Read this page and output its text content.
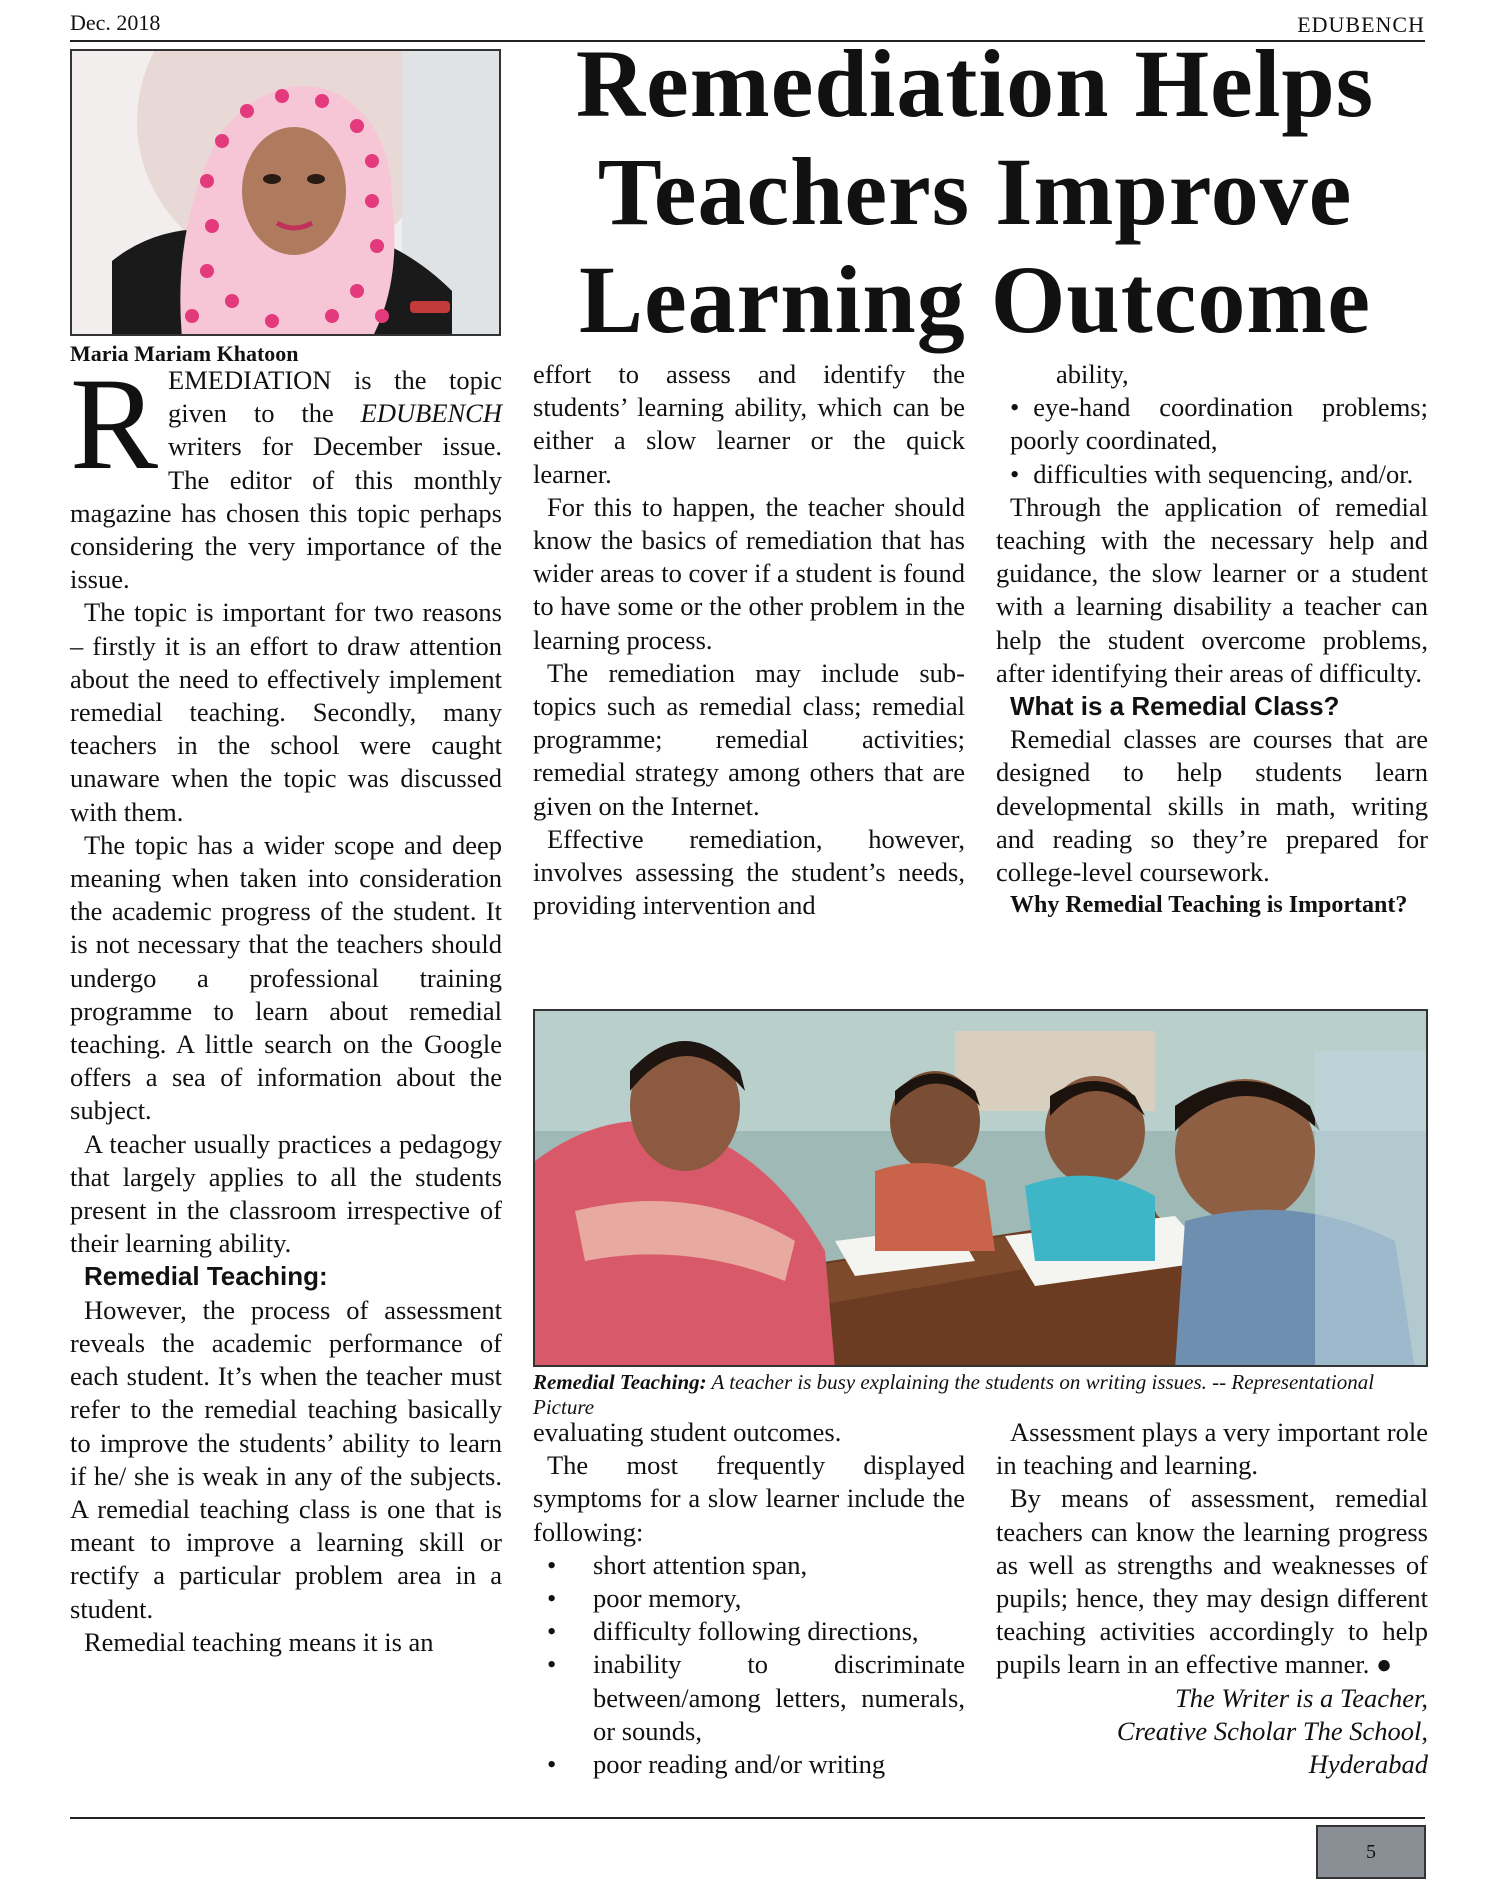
Dec. 2018	EDUBENCH
Maria Mariam Khatoon
Remediation Helps
Teachers Improve
Learning Outcome

REMEDIATION is the topic given to the EDUBENCH writers for December issue. The editor of this monthly magazine has chosen this topic perhaps considering the very importance of the issue.

The topic is important for two reasons – firstly it is an effort to draw attention about the need to effectively implement remedial teaching. Secondly, many teachers in the school were caught unaware when the topic was discussed with them.

The topic has a wider scope and deep meaning when taken into consideration the academic progress of the student. It is not necessary that the teachers should undergo a professional training programme to learn about remedial teaching. A little search on the Google offers a sea of information about the subject.

A teacher usually practices a pedagogy that largely applies to all the students present in the classroom irrespective of their learning ability.

Remedial Teaching:

However, the process of assessment reveals the academic performance of each student. It’s when the teacher must refer to the remedial teaching basically to improve the students’ ability to learn if he/ she is weak in any of the subjects. A remedial teaching class is one that is meant to improve a learning skill or rectify a particular problem area in a student.

Remedial teaching means it is an

effort to assess and identify the students’ learning ability, which can be either a slow learner or the quick learner.

For this to happen, the teacher should know the basics of remediation that has wider areas to cover if a student is found to have some or the other problem in the learning process.

The remediation may include sub-topics such as remedial class; remedial programme; remedial activities; remedial strategy among others that are given on the Internet.

Effective remediation, however, involves assessing the student’s needs, providing intervention and

ability,

• eye-hand coordination problems; poorly coordinated,
• difficulties with sequencing, and/or.

Through the application of remedial teaching with the necessary help and guidance, the slow learner or a student with a learning disability a teacher can help the student overcome problems, after identifying their areas of difficulty.

What is a Remedial Class?

Remedial classes are courses that are designed to help students learn developmental skills in math, writing and reading so they’re prepared for college-level coursework.

Why Remedial Teaching is Important?
Remedial Teaching: A teacher is busy explaining the students on writing issues. -- Representational Picture

evaluating student outcomes.

The most frequently displayed symptoms for a slow learner include the following:

• short attention span,
• poor memory,
• difficulty following directions,
• inability to discriminate between/among letters, numerals, or sounds,
• poor reading and/or writing

Assessment plays a very important role in teaching and learning.

By means of assessment, remedial teachers can know the learning progress as well as strengths and weaknesses of pupils; hence, they may design different teaching activities accordingly to help pupils learn in an effective manner. ●

The Writer is a Teacher,
Creative Scholar The School,
Hyderabad
5
